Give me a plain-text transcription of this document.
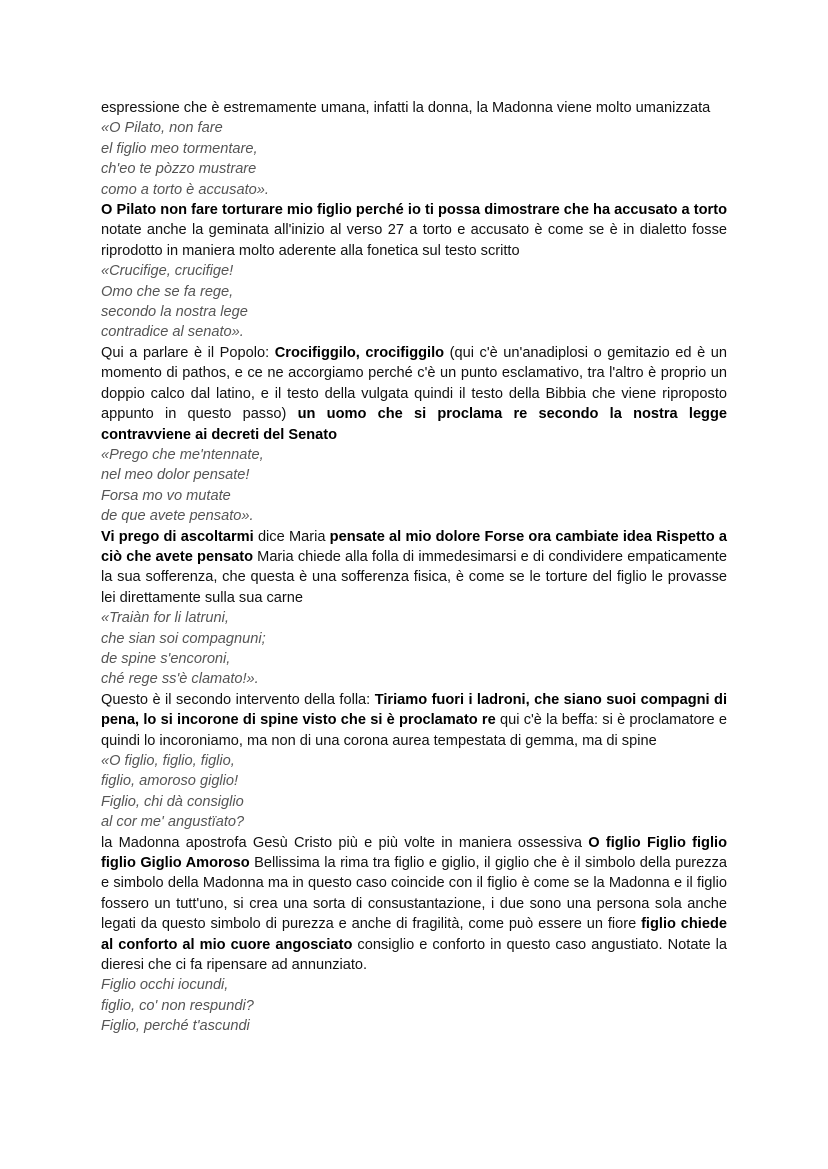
espressione che è estremamente umana, infatti la donna, la Madonna viene molto umanizzata

«O Pilato, non fare
el figlio meo tormentare,
ch'eo te pòzzo mustrare
como a torto è accusato».

O Pilato non fare torturare mio figlio perché io ti possa dimostrare che ha accusato a torto notate anche la geminata all'inizio al verso 27 a torto e accusato è come se è in dialetto fosse riprodotto in maniera molto aderente alla fonetica sul testo scritto

«Crucifige, crucifige!
Omo che se fa rege,
secondo la nostra lege
contradice al senato».

Qui a parlare è il Popolo: Crocifiggilo, crocifiggilo (qui c'è un'anadiplosi o gemitazio ed è un momento di pathos, e ce ne accorgiamo perché c'è un punto esclamativo, tra l'altro è proprio un doppio calco dal latino, e il testo della vulgata quindi il testo della Bibbia che viene riproposto appunto in questo passo) un uomo che si proclama re secondo la nostra legge contravviene ai decreti del Senato

«Prego che me'ntennate,
nel meo dolor pensate!
Forsa mo vo mutate
de que avete pensato».

Vi prego di ascoltarmi dice Maria pensate al mio dolore Forse ora cambiate idea Rispetto a ciò che avete pensato Maria chiede alla folla di immedesimarsi e di condividere empaticamente la sua sofferenza, che questa è una sofferenza fisica, è come se le torture del figlio le provasse lei direttamente sulla sua carne

«Traiàn for li latruni,
che sian soi compagnuni;
de spine s'encoroni,
ché rege ss'è clamato!».

Questo è il secondo intervento della folla: Tiriamo fuori i ladroni, che siano suoi compagni di pena, lo si incorone di spine visto che si è proclamato re qui c'è la beffa: si è proclamatore e quindi lo incoroniamo, ma non di una corona aurea tempestata di gemma, ma di spine

«O figlio, figlio, figlio,
figlio, amoroso giglio!
Figlio, chi dà consiglio
al cor me' angustïato?

la Madonna apostrofa Gesù Cristo più e più volte in maniera ossessiva O figlio Figlio figlio figlio Giglio Amoroso Bellissima la rima tra figlio e giglio, il giglio che è il simbolo della purezza e simbolo della Madonna ma in questo caso coincide con il figlio è come se la Madonna e il figlio fossero un tutt'uno, si crea una sorta di consustantazione, i due sono una persona sola anche legati da questo simbolo di purezza e anche di fragilità, come può essere un fiore figlio chiede al conforto al mio cuore angosciato consiglio e conforto in questo caso angustiato. Notate la dieresi che ci fa ripensare ad annunziato.

Figlio occhi iocundi,
figlio, co' non respundi?
Figlio, perché t'ascundi
